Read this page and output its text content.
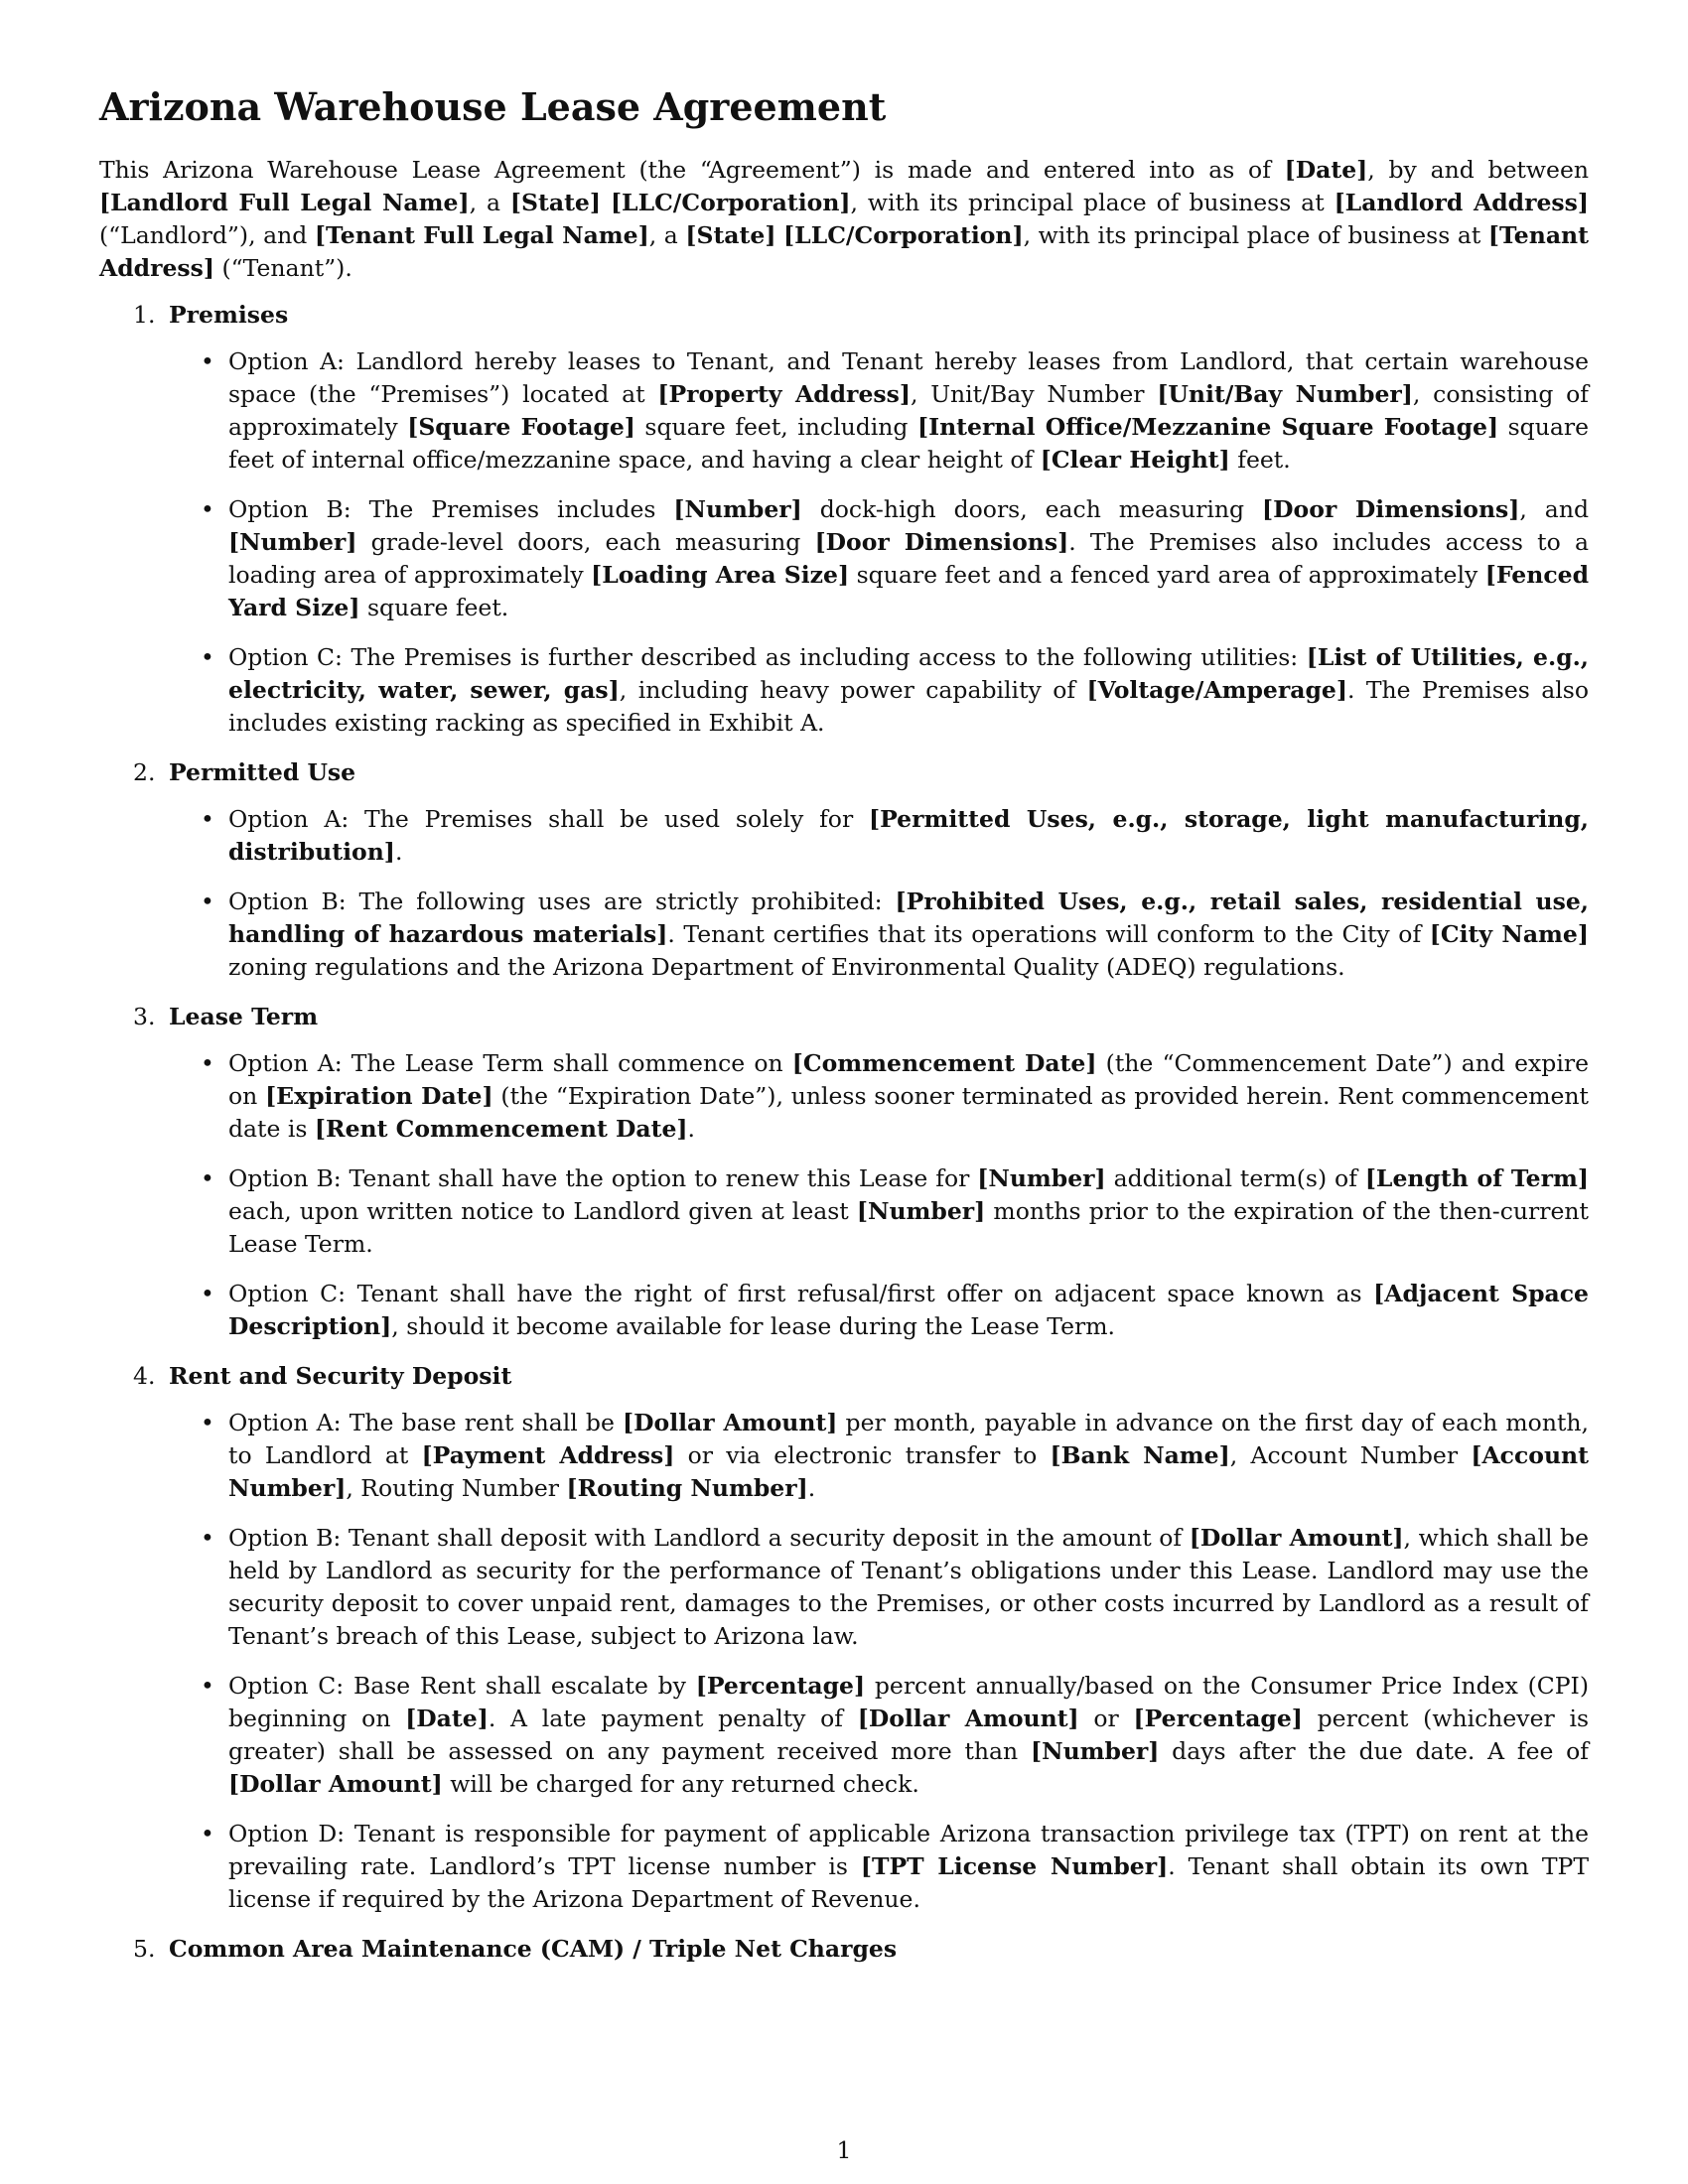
Arizona Warehouse Lease Agreement

This Arizona Warehouse Lease Agreement (the “Agreement”) is made and entered into as of [Date], by and between [Landlord Full Legal Name], a [State] [LLC/Corporation], with its principal place of business at [Landlord Address] (“Landlord”), and [Tenant Full Legal Name], a [State] [LLC/Corporation], with its principal place of business at [Tenant Address] (“Tenant”).

Premises
• Option A: Landlord hereby leases to Tenant, and Tenant hereby leases from Landlord, that certain warehouse space (the “Premises”) located at [Property Address], Unit/Bay Number [Unit/Bay Number], consisting of approximately [Square Footage] square feet, including [Internal Office/Mezzanine Square Footage] square feet of internal office/mezzanine space, and having a clear height of [Clear Height] feet.
• Option B: The Premises includes [Number] dock-high doors, each measuring [Door Dimensions], and [Number] grade-level doors, each measuring [Door Dimensions]. The Premises also includes access to a loading area of approximately [Loading Area Size] square feet and a fenced yard area of approximately [Fenced Yard Size] square feet.
• Option C: The Premises is further described as including access to the following utilities: [List of Utilities, e.g., electricity, water, sewer, gas], including heavy power capability of [Voltage/Amperage]. The Premises also includes existing racking as specified in Exhibit A.
Permitted Use
• Option A: The Premises shall be used solely for [Permitted Uses, e.g., storage, light manufacturing, distribution].
• Option B: The following uses are strictly prohibited: [Prohibited Uses, e.g., retail sales, residential use, handling of hazardous materials]. Tenant certifies that its operations will conform to the City of [City Name] zoning regulations and the Arizona Department of Environmental Quality (ADEQ) regulations.
Lease Term
• Option A: The Lease Term shall commence on [Commencement Date] (the “Commencement Date”) and expire on [Expiration Date] (the “Expiration Date”), unless sooner terminated as provided herein. Rent commencement date is [Rent Commencement Date].
• Option B: Tenant shall have the option to renew this Lease for [Number] additional term(s) of [Length of Term] each, upon written notice to Landlord given at least [Number] months prior to the expiration of the then-current Lease Term.
• Option C: Tenant shall have the right of first refusal/first offer on adjacent space known as [Adjacent Space Description], should it become available for lease during the Lease Term.
Rent and Security Deposit
• Option A: The base rent shall be [Dollar Amount] per month, payable in advance on the first day of each month, to Landlord at [Payment Address] or via electronic transfer to [Bank Name], Account Number [Account Number], Routing Number [Routing Number].
• Option B: Tenant shall deposit with Landlord a security deposit in the amount of [Dollar Amount], which shall be held by Landlord as security for the performance of Tenant’s obligations under this Lease. Landlord may use the security deposit to cover unpaid rent, damages to the Premises, or other costs incurred by Landlord as a result of Tenant’s breach of this Lease, subject to Arizona law.
• Option C: Base Rent shall escalate by [Percentage] percent annually/based on the Consumer Price Index (CPI) beginning on [Date]. A late payment penalty of [Dollar Amount] or [Percentage] percent (whichever is greater) shall be assessed on any payment received more than [Number] days after the due date. A fee of [Dollar Amount] will be charged for any returned check.
• Option D: Tenant is responsible for payment of applicable Arizona transaction privilege tax (TPT) on rent at the prevailing rate. Landlord’s TPT license number is [TPT License Number]. Tenant shall obtain its own TPT license if required by the Arizona Department of Revenue.
Common Area Maintenance (CAM) / Triple Net Charges
1
